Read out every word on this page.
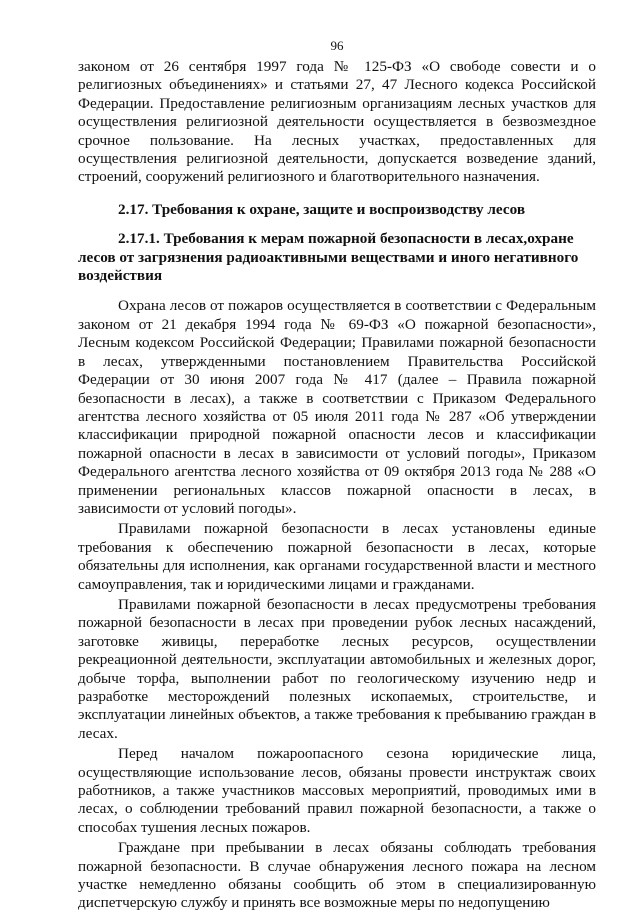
96

законом от 26 сентября 1997 года № 125-ФЗ «О свободе совести и о религиозных объединениях» и статьями 27, 47 Лесного кодекса Российской Федерации. Предоставление религиозным организациям лесных участков для осуществления религиозной деятельности осуществляется в безвозмездное срочное пользование. На лесных участках, предоставленных для осуществления религиозной деятельности, допускается возведение зданий, строений, сооружений религиозного и благотворительного назначения.

2.17. Требования к охране, защите и воспроизводству лесов
2.17.1. Требования к мерам пожарной безопасности в лесах,охране лесов от загрязнения радиоактивными веществами и иного негативного воздействия

Охрана лесов от пожаров осуществляется в соответствии с Федеральным законом от 21 декабря 1994 года № 69-ФЗ «О пожарной безопасности», Лесным кодексом Российской Федерации; Правилами пожарной безопасности в лесах, утвержденными постановлением Правительства Российской Федерации от 30 июня 2007 года № 417 (далее – Правила пожарной безопасности в лесах), а также в соответствии с Приказом Федерального агентства лесного хозяйства от 05 июля 2011 года № 287 «Об утверждении классификации природной пожарной опасности лесов и классификации пожарной опасности в лесах в зависимости от условий погоды», Приказом Федерального агентства лесного хозяйства от 09 октября 2013 года № 288 «О применении региональных классов пожарной опасности в лесах, в зависимости от условий погоды».

Правилами пожарной безопасности в лесах установлены единые требования к обеспечению пожарной безопасности в лесах, которые обязательны для исполнения, как органами государственной власти и местного самоуправления, так и юридическими лицами и гражданами.

Правилами пожарной безопасности в лесах предусмотрены требования пожарной безопасности в лесах при проведении рубок лесных насаждений, заготовке живицы, переработке лесных ресурсов, осуществлении рекреационной деятельности, эксплуатации автомобильных и железных дорог, добыче торфа, выполнении работ по геологическому изучению недр и разработке месторождений полезных ископаемых, строительстве, и эксплуатации линейных объектов, а также требования к пребыванию граждан в лесах.

Перед началом пожароопасного сезона юридические лица, осуществляющие использование лесов, обязаны провести инструктаж своих работников, а также участников массовых мероприятий, проводимых ими в лесах, о соблюдении требований правил пожарной безопасности, а также о способах тушения лесных пожаров.

Граждане при пребывании в лесах обязаны соблюдать требования пожарной безопасности. В случае обнаружения лесного пожара на лесном участке немедленно обязаны сообщить об этом в специализированную диспетчерскую службу и принять все возможные меры по недопущению
